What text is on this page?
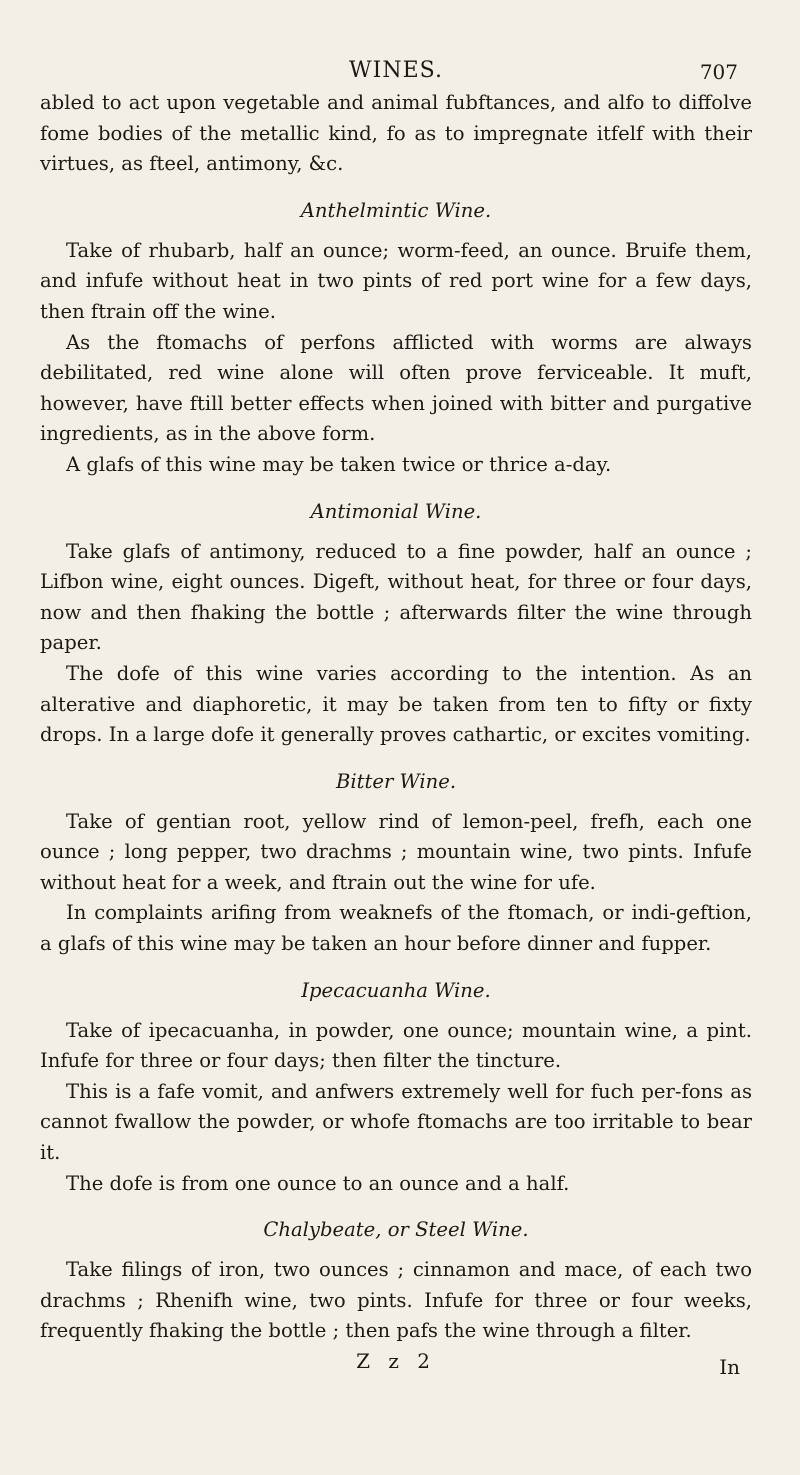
WINES.	707

abled to act upon vegetable and animal fubftances, and alfo to diffolve fome bodies of the metallic kind, fo as to impregnate itfelf with their virtues, as fteel, antimony, &c.

Anthelmintic Wine.

Take of rhubarb, half an ounce; worm-feed, an ounce. Bruife them, and infufe without heat in two pints of red port wine for a few days, then ftrain off the wine.

As the ftomachs of perfons afflicted with worms are always debilitated, red wine alone will often prove ferviceable. It muft, however, have ftill better effects when joined with bitter and purgative ingredients, as in the above form.

A glafs of this wine may be taken twice or thrice a-day.

Antimonial Wine.

Take glafs of antimony, reduced to a fine powder, half an ounce ; Lifbon wine, eight ounces. Digeft, without heat, for three or four days, now and then fhaking the bottle ; afterwards filter the wine through paper.

The dofe of this wine varies according to the intention. As an alterative and diaphoretic, it may be taken from ten to fifty or fixty drops. In a large dofe it generally proves cathartic, or excites vomiting.

Bitter Wine.

Take of gentian root, yellow rind of lemon-peel, frefh, each one ounce ; long pepper, two drachms ; mountain wine, two pints. Infufe without heat for a week, and ftrain out the wine for ufe.

In complaints arifing from weaknefs of the ftomach, or indi-geftion, a glafs of this wine may be taken an hour before dinner and fupper.

Ipecacuanha Wine.

Take of ipecacuanha, in powder, one ounce; mountain wine, a pint. Infufe for three or four days; then filter the tincture.

This is a fafe vomit, and anfwers extremely well for fuch per-fons as cannot fwallow the powder, or whofe ftomachs are too irritable to bear it.

The dofe is from one ounce to an ounce and a half.

Chalybeate, or Steel Wine.

Take filings of iron, two ounces ; cinnamon and mace, of each two drachms ; Rhenifh wine, two pints. Infufe for three or four weeks, frequently fhaking the bottle ; then pafs the wine through a filter.

Z z 2	In
